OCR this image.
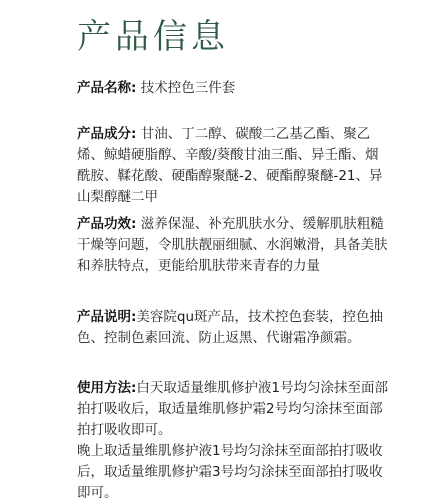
产品信息
产品名称: 技术控色三件套
产品成分: 甘油、丁二醇、碳酸二乙基乙酯、聚乙烯、鲸蜡硬脂醇、辛酸/葵酸甘油三酯、异壬酯、烟酰胺、鞣花酸、硬酯醇聚醚-2、硬酯醇聚醚-21、异山梨醇醚二甲
产品功效: 滋养保湿、补充肌肤水分、缓解肌肤粗糙干燥等问题，令肌肤靓丽细腻、水润嫩滑，具备美肤和养肤特点，更能给肌肤带来青春的力量
产品说明:美容院qu斑产品，技术控色套装，控色抽色、控制色素回流、防止返黑、代谢霜净颜霜。
使用方法:白天取适量维肌修护液1号均匀涂抹至面部拍打吸收后，取适量维肌修护霜2号均匀涂抹至面部拍打吸收即可。
晚上取适量维肌修护液1号均匀涂抹至面部拍打吸收后，取适量维肌修护霜3号均匀涂抹至面部拍打吸收即可。
